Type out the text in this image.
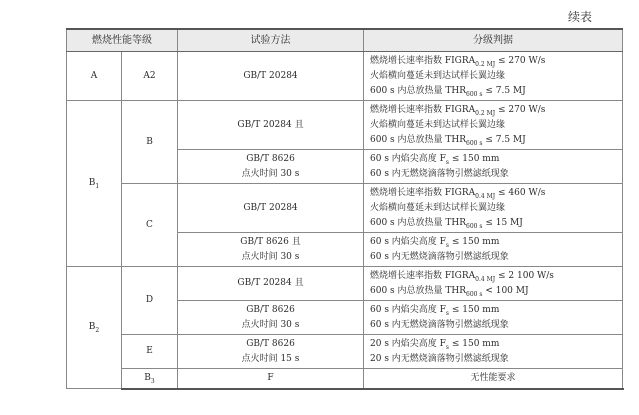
续表
燃烧性能等级		试验方法	分级判据
A	A2	GB/T 20284	燃烧增长速率指数 $FIGRA_{0.2 MJ} \le 270$ W/s
火焰横向蔓延未到达试样长翼边缘
600 s 内总放热量 $THR_{600 s} \le 7.5$ MJ

$B_1$	B	GB/T 20284 且	燃烧增长速率指数 $FIGRA_{0.2 MJ} \le 270$ W/s
火焰横向蔓延未到达试样长翼边缘
600 s 内总放热量 $THR_{600 s} \le 7.5$ MJ

		GB/T 8626
点火时间 30 s	60 s 内焰尖高度 $F_s \le 150$ mm
60 s 内无燃烧滴落物引燃滤纸现象

	C	GB/T 20284	燃烧增长速率指数 $FIGRA_{0.4 MJ} \le 460$ W/s
火焰横向蔓延未到达试样长翼边缘
600 s 内总放热量 $THR_{600 s} \le 15$ MJ

		GB/T 8626 且
点火时间 30 s	60 s 内焰尖高度 $F_s \le 150$ mm
60 s 内无燃烧滴落物引燃滤纸现象

$B_2$	D	GB/T 20284 且	燃烧增长速率指数 $FIGRA_{0.4 MJ} \le 2$ 100 W/s
600 s 内总放热量 $THR_{600 s} < 100$ MJ

		GB/T 8626
点火时间 30 s	60 s 内焰尖高度 $F_s \le 150$ mm
60 s 内无燃烧滴落物引燃滤纸现象

	E	GB/T 8626
点火时间 15 s	20 s 内焰尖高度 $F_s \le 150$ mm
20 s 内无燃烧滴落物引燃滤纸现象

	$B_3$	F	无性能要求
